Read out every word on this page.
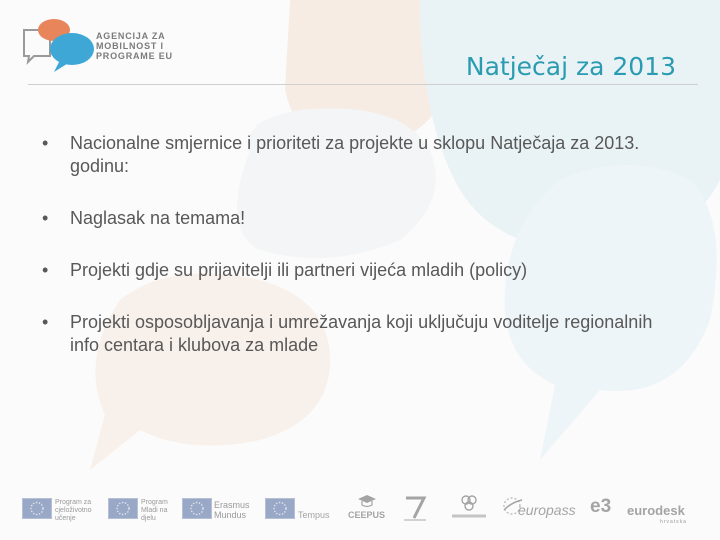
AGENCIJA ZA
MOBILNOST I
PROGRAME EU	Natječaj za 2013
• Nacionalne smjernice i prioriteti za projekte u sklopu Natječaja za 2013. godinu:
• Naglasak na temama!
• Projekti gdje su prijavitelji ili partneri vijeća mladih (policy)
• Projekti osposobljavanja i umrežavanja koji uključuju voditelje regionalnih info centara i klubova za mlade
Program za
cjeloživotno
učenje
Program
Mladi na
djelu
Erasmus
Mundus	Tempus CEEPUS	europass e3 eurodesk
hrvatska
